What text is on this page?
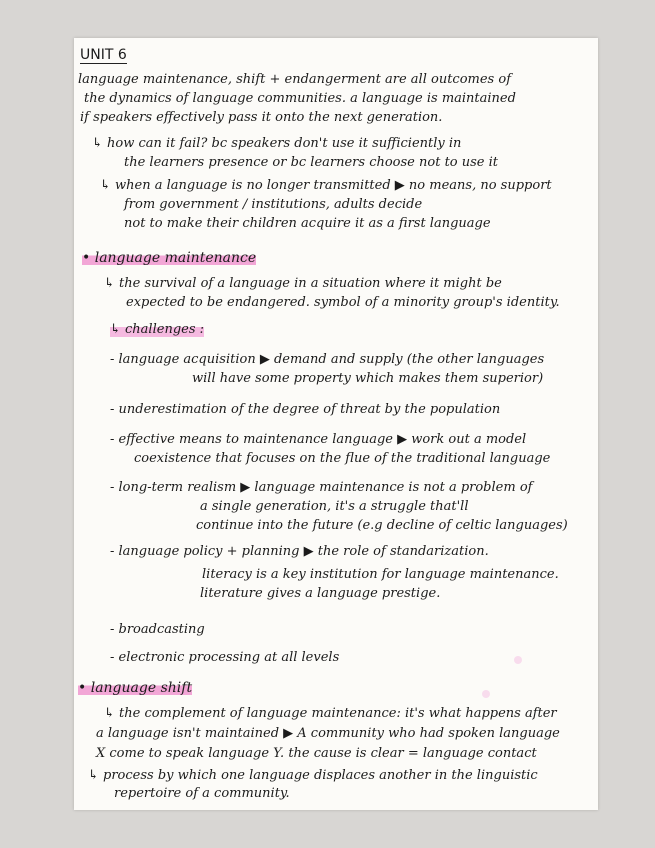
UNIT 6
language maintenance, shift + endangerment are all outcomes of
the dynamics of language communities. a language is maintained
if speakers effectively pass it onto the next generation.
↳ how can it fail? bc speakers don't use it sufficiently in
the learners presence or bc learners choose not to use it
↳ when a language is no longer transmitted ▶ no means, no support
from government / institutions, adults decide
not to make their children acquire it as a first language
• language maintenance
↳ the survival of a language in a situation where it might be
expected to be endangered. symbol of a minority group's identity.
↳ challenges :
- language acquisition ▶ demand and supply (the other languages
will have some property which makes them superior)
- underestimation of the degree of threat by the population
- effective means to maintenance language ▶ work out a model
coexistence that focuses on the flue of the traditional language
- long-term realism ▶ language maintenance is not a problem of
a single generation, it's a struggle that'll
continue into the future (e.g decline of celtic languages)
- language policy + planning ▶ the role of standarization.
literacy is a key institution for language maintenance.
literature gives a language prestige.
- broadcasting
- electronic processing at all levels
• language shift
↳ the complement of language maintenance: it's what happens after
a language isn't maintained ▶ A community who had spoken language
X come to speak language Y. the cause is clear = language contact
↳ process by which one language displaces another in the linguistic
repertoire of a community.
